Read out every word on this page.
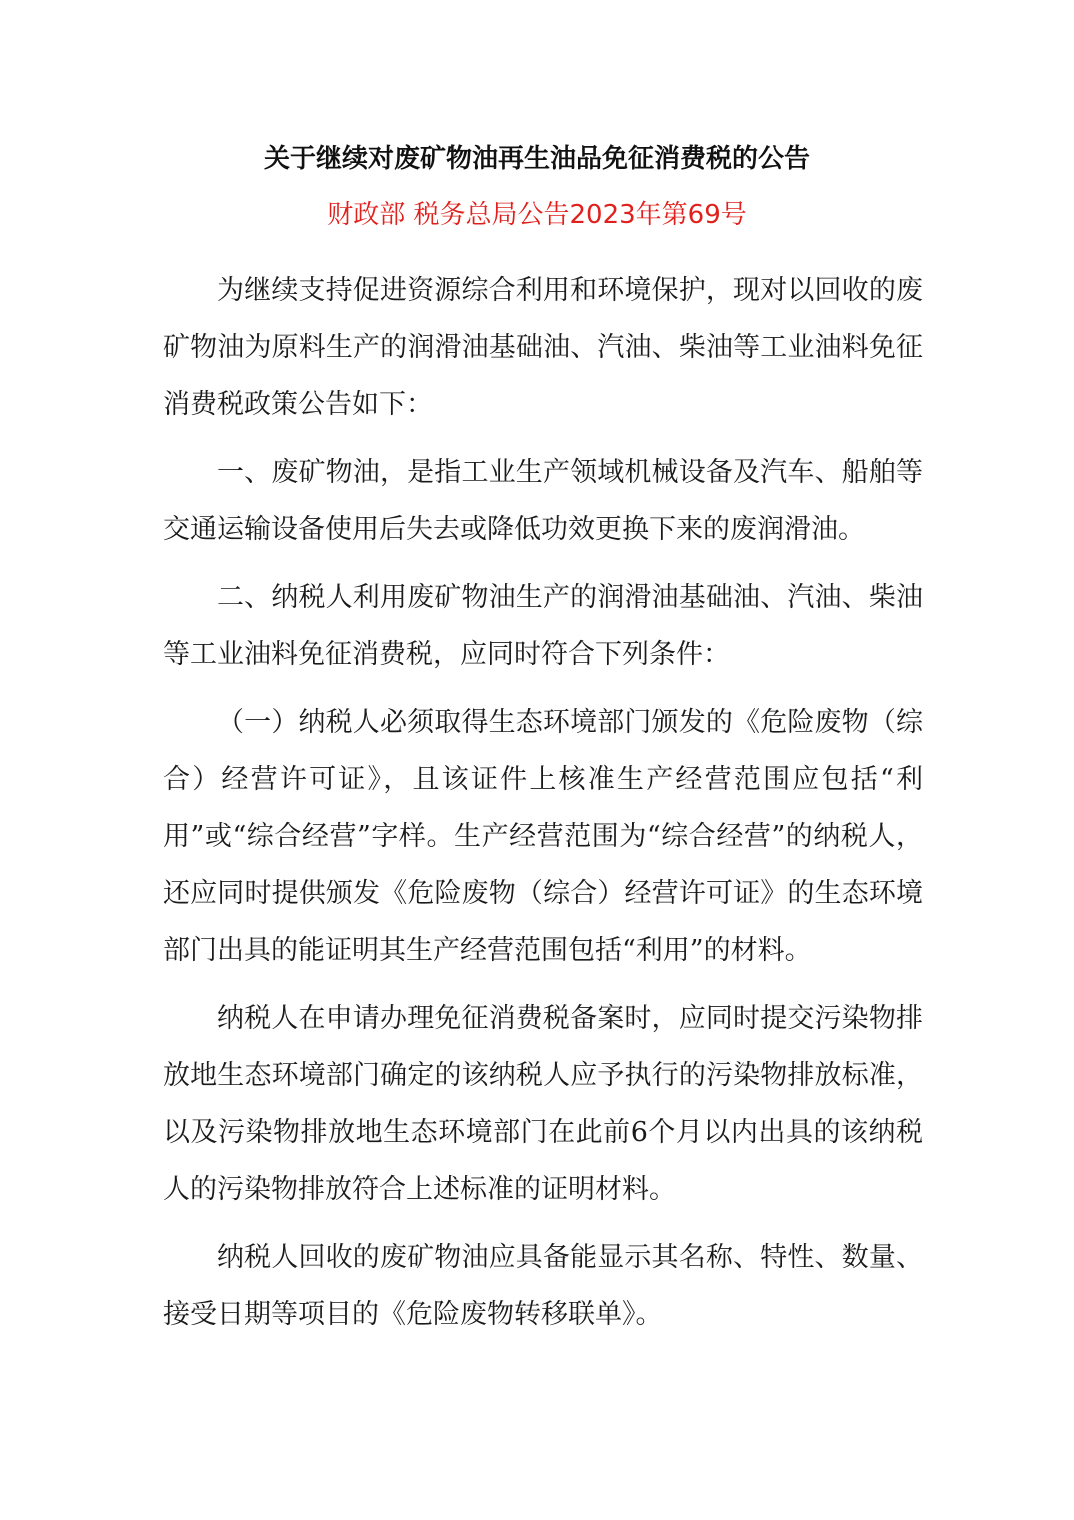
关于继续对废矿物油再生油品免征消费税的公告
财政部 税务总局公告2023年第69号

为继续支持促进资源综合利用和环境保护，现对以回收的废矿物油为原料生产的润滑油基础油、汽油、柴油等工业油料免征消费税政策公告如下：

一、废矿物油，是指工业生产领域机械设备及汽车、船舶等交通运输设备使用后失去或降低功效更换下来的废润滑油。

二、纳税人利用废矿物油生产的润滑油基础油、汽油、柴油等工业油料免征消费税，应同时符合下列条件：

（一）纳税人必须取得生态环境部门颁发的《危险废物（综合）经营许可证》，且该证件上核准生产经营范围应包括“利用”或“综合经营”字样。生产经营范围为“综合经营”的纳税人，还应同时提供颁发《危险废物（综合）经营许可证》的生态环境部门出具的能证明其生产经营范围包括“利用”的材料。

纳税人在申请办理免征消费税备案时，应同时提交污染物排放地生态环境部门确定的该纳税人应予执行的污染物排放标准，以及污染物排放地生态环境部门在此前6个月以内出具的该纳税人的污染物排放符合上述标准的证明材料。

纳税人回收的废矿物油应具备能显示其名称、特性、数量、接受日期等项目的《危险废物转移联单》。
